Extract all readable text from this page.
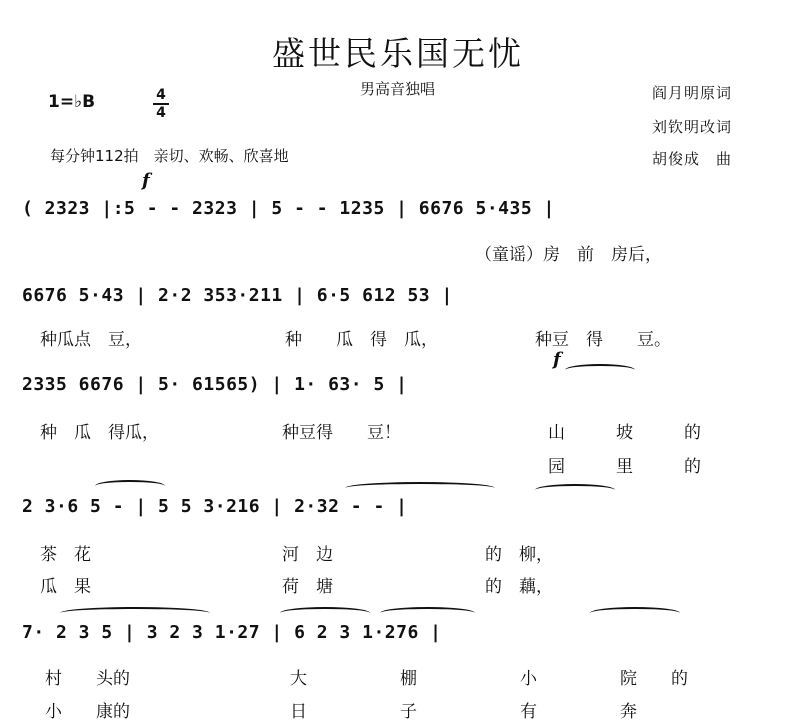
盛世民乐国无忧
男高音独唱	阎月明原词
刘钦明改词
胡俊成　曲
1=♭B	4
4
每分钟112拍　亲切、欢畅、欣喜地
f
f
( 2323 |:5 - - 2323 | 5 - - 1235 | 6676 5·435 |
（童谣）房　前　房后，
6676 5·43 | 2·2 353·211 | 6·5 612 53 |
种瓜点　豆，	种　　瓜　得　瓜，	种豆　得　　豆。
2335 6676 | 5· 61565) | 1· 63· 5 |
种　瓜　得瓜，	种豆得　　豆！	山　　　坡　　　的
园　　　里　　　的
2 3·6 5 - | 5 5 3·216 | 2·32 - - |
茶　花	河　边	的　柳，
瓜　果	荷　塘	的　藕，
7· 2 3 5 | 3 2 3 1·27 | 6 2 3 1·276 |
村　　头的	大	棚	小	院　　的
小　　康的	日	子	有	奔
